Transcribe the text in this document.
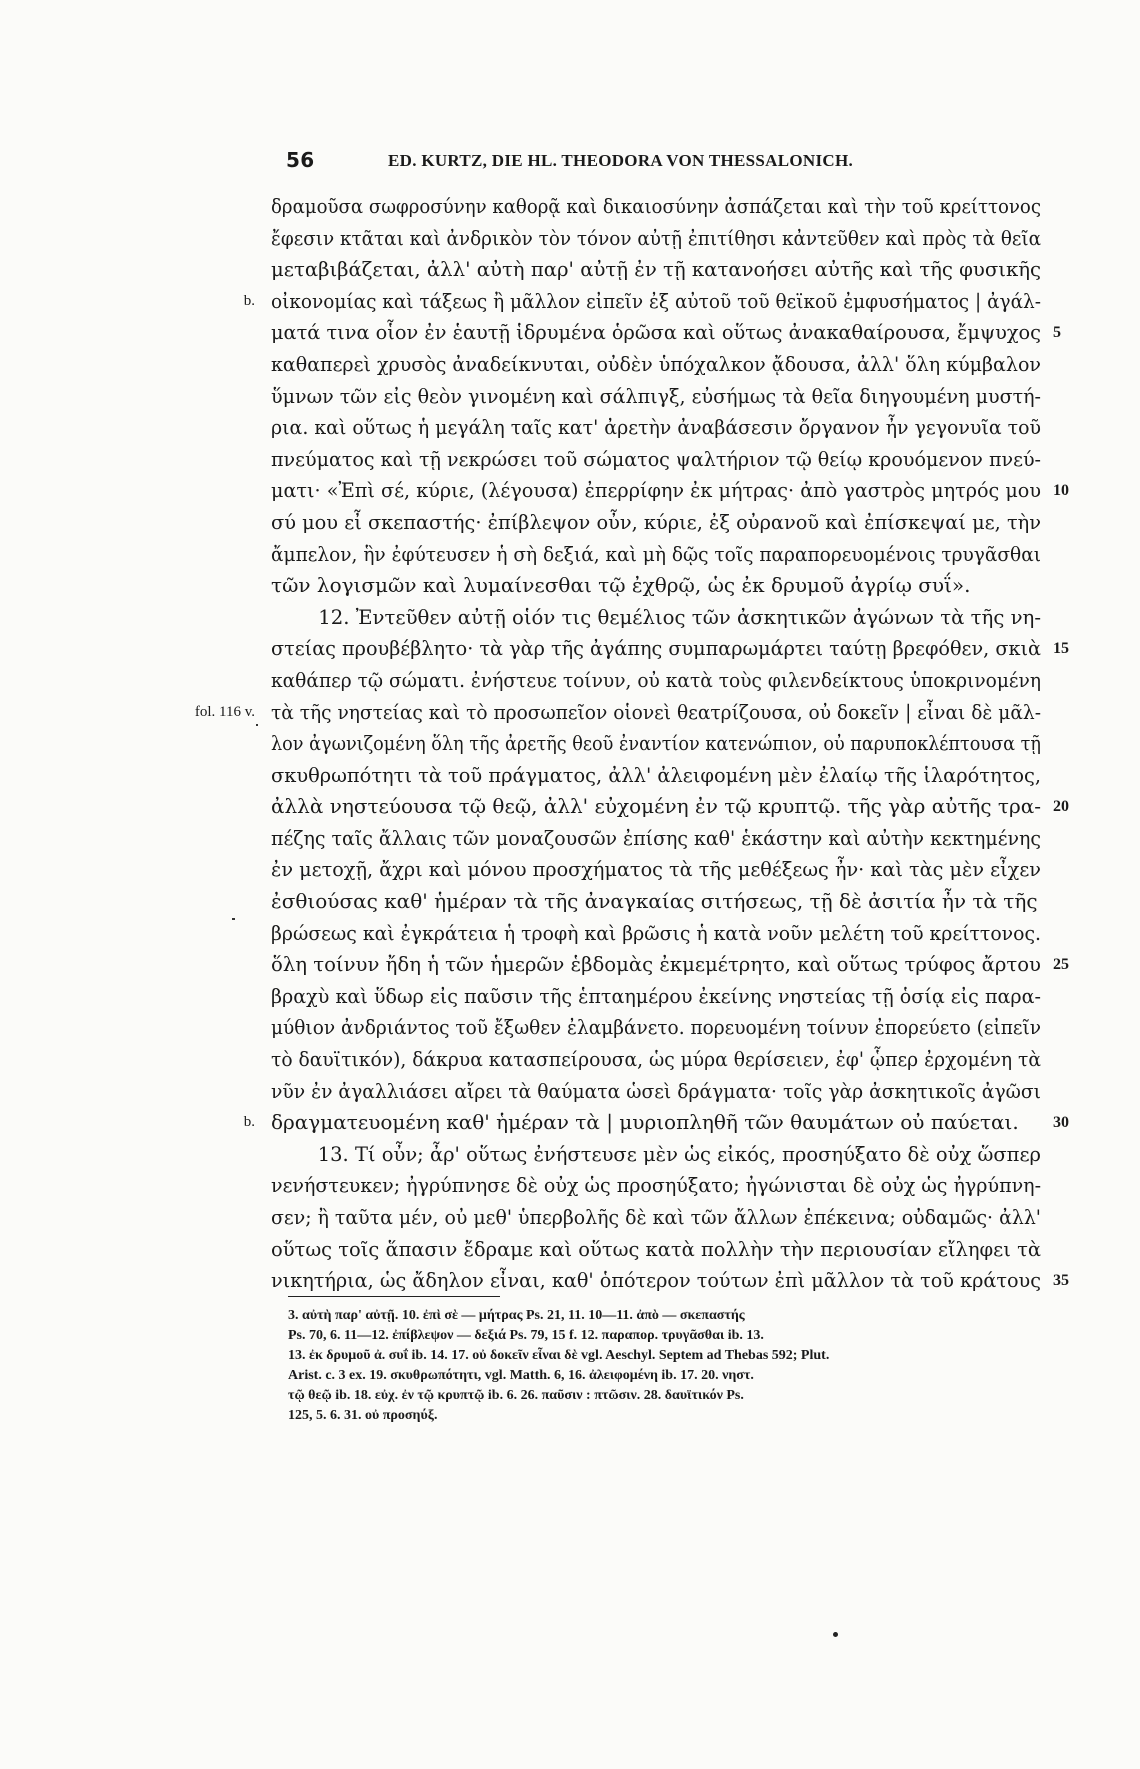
56	ED. KURTZ, DIE HL. THEODORA VON THESSALONICH.
δραμοῦσα σωφροσύνην καθορᾷ καὶ δικαιοσύνην ἀσπάζεται καὶ τὴν τοῦ κρείττονος
ἔφεσιν κτᾶται καὶ ἀνδρικὸν τὸν τόνον αὐτῇ ἐπιτίθησι κἀντεῦθεν καὶ πρὸς τὰ θεῖα
μεταβιβάζεται, ἀλλ' αὐτὴ παρ' αὐτῇ ἐν τῇ κατανοήσει αὐτῆς καὶ τῆς φυσικῆς
οἰκονομίας καὶ τάξεως ἢ μᾶλλον εἰπεῖν ἐξ αὐτοῦ τοῦ θεϊκοῦ ἐμφυσήματος | ἀγάλ-
b.
ματά τινα οἷον ἐν ἑαυτῇ ἱδρυμένα ὁρῶσα καὶ οὕτως ἀνακαθαίρουσα, ἔμψυχος 5
καθαπερεὶ χρυσὸς ἀναδείκνυται, οὐδὲν ὑπόχαλκον ᾄδουσα, ἀλλ' ὅλη κύμβαλον
ὕμνων τῶν εἰς θεὸν γινομένη καὶ σάλπιγξ, εὐσήμως τὰ θεῖα διηγουμένη μυστή-
ρια. καὶ οὕτως ἡ μεγάλη ταῖς κατ' ἀρετὴν ἀναβάσεσιν ὄργανον ἦν γεγονυῖα τοῦ
πνεύματος καὶ τῇ νεκρώσει τοῦ σώματος ψαλτήριον τῷ θείῳ κρουόμενον πνεύ-
ματι· «Ἐπὶ σέ, κύριε, (λέγουσα) ἐπερρίφην ἐκ μήτρας· ἀπὸ γαστρὸς μητρός μου 10
σύ μου εἶ σκεπαστής· ἐπίβλεψον οὖν, κύριε, ἐξ οὐρανοῦ καὶ ἐπίσκεψαί με, τὴν
ἄμπελον, ἣν ἐφύτευσεν ἡ σὴ δεξιά, καὶ μὴ δῷς τοῖς παραπορευομένοις τρυγᾶσθαι
τῶν λογισμῶν καὶ λυμαίνεσθαι τῷ ἐχθρῷ, ὡς ἐκ δρυμοῦ ἀγρίῳ συΐ».
12. Ἐντεῦθεν αὐτῇ οἱόν τις θεμέλιος τῶν ἀσκητικῶν ἀγώνων τὰ τῆς νη-
στείας προυβέβλητο· τὰ γὰρ τῆς ἀγάπης συμπαρωμάρτει ταύτῃ βρεφόθεν, σκιὰ 15
καθάπερ τῷ σώματι. ἐνήστευε τοίνυν, οὐ κατὰ τοὺς φιλενδείκτους ὑποκρινομένη
τὰ τῆς νηστείας καὶ τὸ προσωπεῖον οἱονεὶ θεατρίζουσα, οὐ δοκεῖν | εἶναι δὲ μᾶλ-
fol. 116 v.
λον ἀγωνιζομένη ὅλη τῆς ἀρετῆς θεοῦ ἐναντίον κατενώπιον, οὐ παρυποκλέπτουσα τῇ
σκυθρωπότητι τὰ τοῦ πράγματος, ἀλλ' ἀλειφομένη μὲν ἐλαίῳ τῆς ἱλαρότητος,
ἀλλὰ νηστεύουσα τῷ θεῷ, ἀλλ' εὐχομένη ἐν τῷ κρυπτῷ. τῆς γὰρ αὐτῆς τρα- 20
πέζης ταῖς ἄλλαις τῶν μοναζουσῶν ἐπίσης καθ' ἑκάστην καὶ αὐτὴν κεκτημένης
ἐν μετοχῇ, ἄχρι καὶ μόνου προσχήματος τὰ τῆς μεθέξεως ἦν· καὶ τὰς μὲν εἶχεν
ἐσθιούσας καθ' ἡμέραν τὰ τῆς ἀναγκαίας σιτήσεως, τῇ δὲ ἀσιτία ἦν τὰ τῆς
βρώσεως καὶ ἐγκράτεια ἡ τροφὴ καὶ βρῶσις ἡ κατὰ νοῦν μελέτη τοῦ κρείττονος.
ὅλη τοίνυν ἤδη ἡ τῶν ἡμερῶν ἑβδομὰς ἐκμεμέτρητο, καὶ οὕτως τρύφος ἄρτου 25
βραχὺ καὶ ὕδωρ εἰς παῦσιν τῆς ἑπταημέρου ἐκείνης νηστείας τῇ ὁσίᾳ εἰς παρα-
μύθιον ἀνδριάντος τοῦ ἔξωθεν ἐλαμβάνετο. πορευομένη τοίνυν ἐπορεύετο (εἰπεῖν
τὸ δαυϊτικόν), δάκρυα κατασπείρουσα, ὡς μύρα θερίσειεν, ἐφ' ᾧπερ ἐρχομένη τὰ
νῦν ἐν ἀγαλλιάσει αἴρει τὰ θαύματα ὡσεὶ δράγματα· τοῖς γὰρ ἀσκητικοῖς ἀγῶσι
δραγματευομένη καθ' ἡμέραν τὰ | μυριοπληθῆ τῶν θαυμάτων οὐ παύεται.
b.	30
13. Τί οὖν; ἆρ' οὕτως ἐνήστευσε μὲν ὡς εἰκός, προσηύξατο δὲ οὐχ ὥσπερ
νενήστευκεν; ἠγρύπνησε δὲ οὐχ ὡς προσηύξατο; ἠγώνισται δὲ οὐχ ὡς ἠγρύπνη-
σεν; ἢ ταῦτα μέν, οὐ μεθ' ὑπερβολῆς δὲ καὶ τῶν ἄλλων ἐπέκεινα; οὐδαμῶς· ἀλλ'
οὕτως τοῖς ἅπασιν ἔδραμε καὶ οὕτως κατὰ πολλὴν τὴν περιουσίαν εἴληφει τὰ
νικητήρια, ὡς ἄδηλον εἶναι, καθ' ὁπότερον τούτων ἐπὶ μᾶλλον τὰ τοῦ κράτους 35
3. αὐτὴ παρ' αὐτῇ. 10. ἐπὶ σὲ — μήτρας Ps. 21, 11. 10—11. ἀπὸ — σκεπαστής
Ps. 70, 6. 11—12. ἐπίβλεψον — δεξιά Ps. 79, 15 f. 12. παραπορ. τρυγᾶσθαι ib. 13.
13. ἐκ δρυμοῦ ἀ. συΐ ib. 14. 17. οὐ δοκεῖν εἶναι δὲ vgl. Aeschyl. Septem ad Thebas 592; Plut.
Arist. c. 3 ex. 19. σκυθρωπότητι, vgl. Matth. 6, 16. ἀλειφομένη ib. 17. 20. νηστ.
τῷ θεῷ ib. 18. εὐχ. ἐν τῷ κρυπτῷ ib. 6. 26. παῦσιν : πτῶσιν. 28. δαυϊτικόν Ps.
125, 5. 6. 31. οὐ προσηύξ.
